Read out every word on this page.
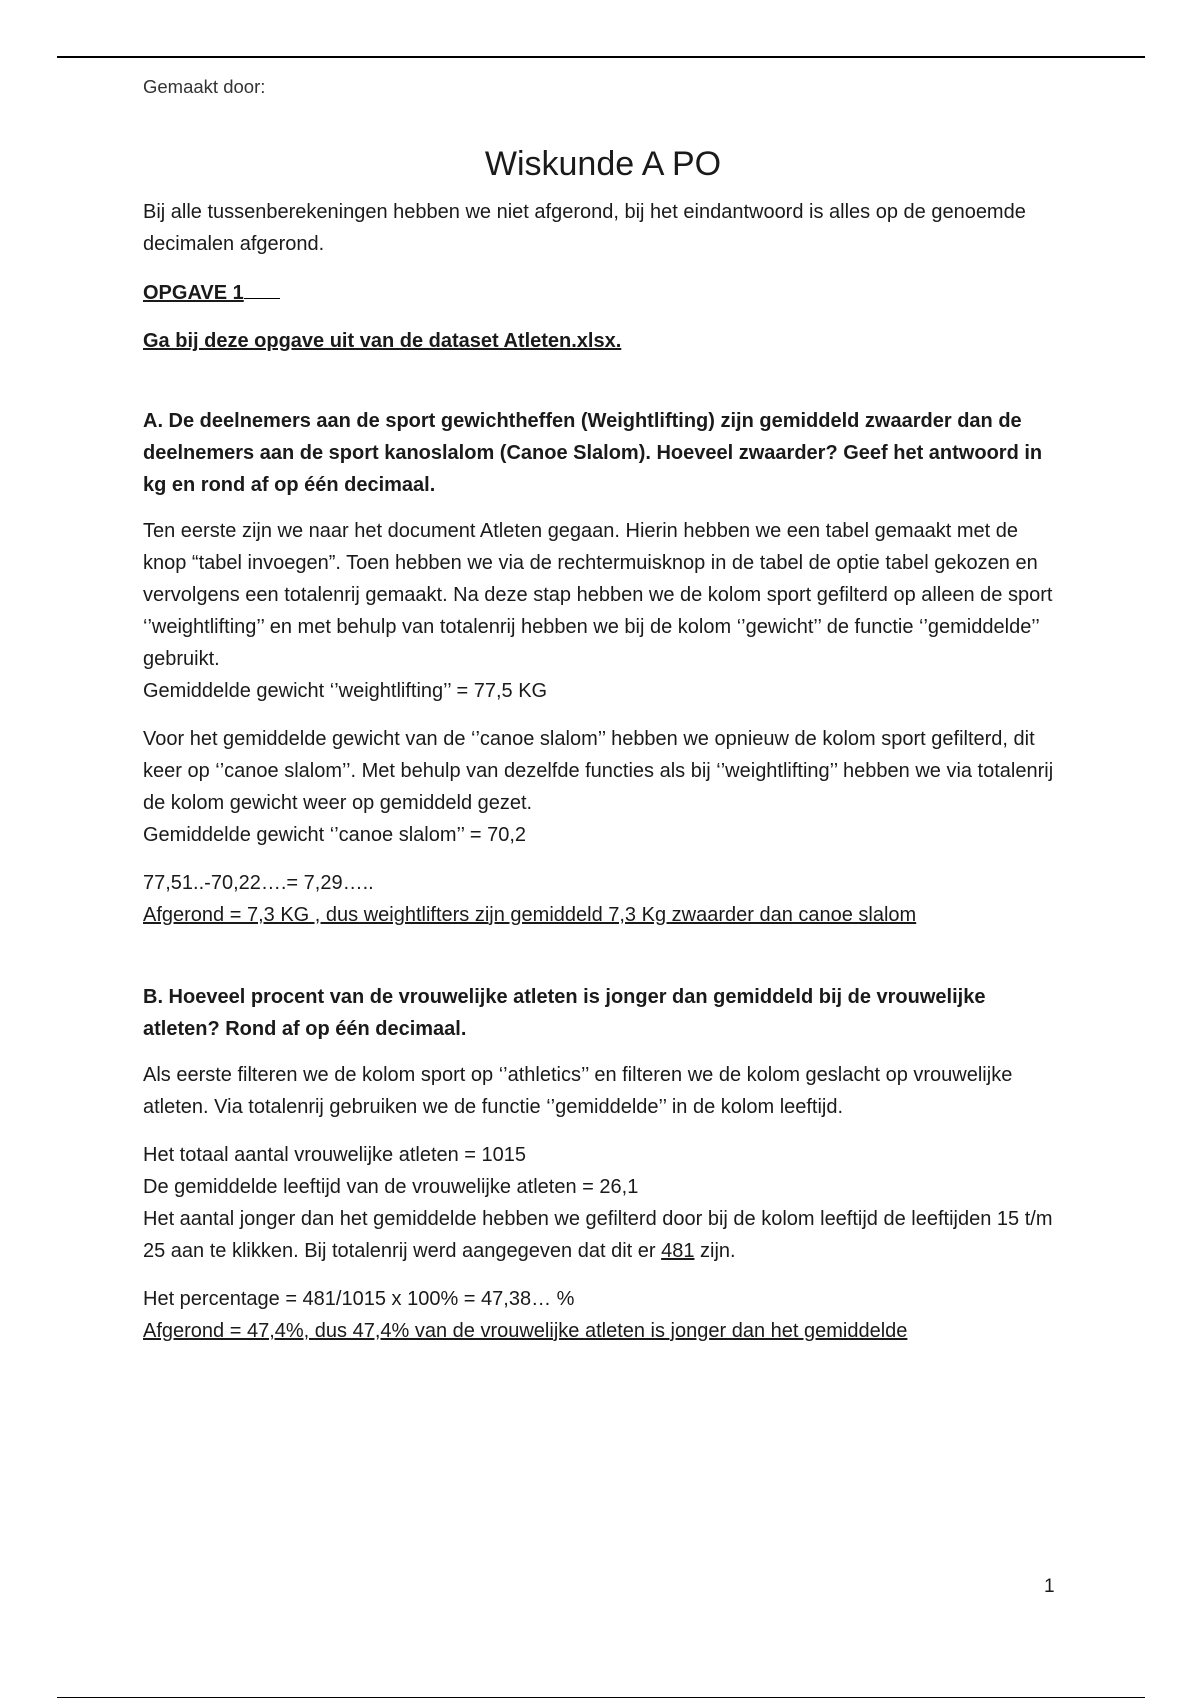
Gemaakt door:
Wiskunde A PO

Bij alle tussenberekeningen hebben we niet afgerond, bij het eindantwoord is alles op de genoemde decimalen afgerond.

OPGAVE 1

Ga bij deze opgave uit van de dataset Atleten.xlsx.

A. De deelnemers aan de sport gewichtheffen (Weightlifting) zijn gemiddeld zwaarder dan de deelnemers aan de sport kanoslalom (Canoe Slalom). Hoeveel zwaarder? Geef het antwoord in kg en rond af op één decimaal.

Ten eerste zijn we naar het document Atleten gegaan. Hierin hebben we een tabel gemaakt met de knop “tabel invoegen”. Toen hebben we via de rechtermuisknop in de tabel de optie tabel gekozen en vervolgens een totalenrij gemaakt. Na deze stap hebben we de kolom sport gefilterd op alleen de sport ‘’weightlifting’’ en met behulp van totalenrij hebben we bij de kolom ‘’gewicht’’ de functie ‘’gemiddelde’’ gebruikt.
Gemiddelde gewicht ‘’weightlifting’’ = 77,5 KG

Voor het gemiddelde gewicht van de ‘’canoe slalom’’ hebben we opnieuw de kolom sport gefilterd, dit keer op ‘’canoe slalom’’. Met behulp van dezelfde functies als bij ‘’weightlifting’’ hebben we via totalenrij de kolom gewicht weer op gemiddeld gezet.
Gemiddelde gewicht ‘’canoe slalom’’ = 70,2

77,51..-70,22….= 7,29…..
Afgerond = 7,3 KG , dus weightlifters zijn gemiddeld 7,3 Kg zwaarder dan canoe slalom

B. Hoeveel procent van de vrouwelijke atleten is jonger dan gemiddeld bij de vrouwelijke atleten? Rond af op één decimaal.

Als eerste filteren we de kolom sport op ‘’athletics’’ en filteren we de kolom geslacht op vrouwelijke atleten. Via totalenrij gebruiken we de functie ‘’gemiddelde’’ in de kolom leeftijd.

Het totaal aantal vrouwelijke atleten = 1015
De gemiddelde leeftijd van de vrouwelijke atleten = 26,1
Het aantal jonger dan het gemiddelde hebben we gefilterd door bij de kolom leeftijd de leeftijden 15 t/m 25 aan te klikken. Bij totalenrij werd aangegeven dat dit er 481 zijn.

Het percentage = 481/1015 x 100% = 47,38… %
Afgerond = 47,4%, dus 47,4% van de vrouwelijke atleten is jonger dan het gemiddelde

1
